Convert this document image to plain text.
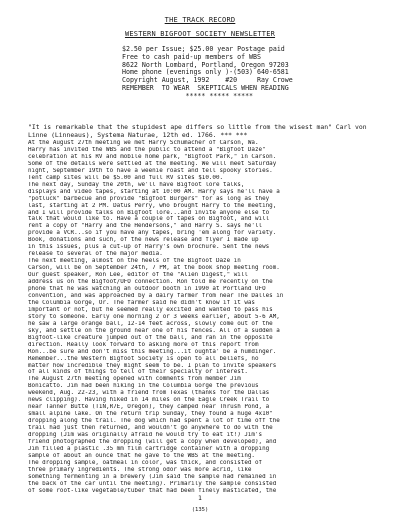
THE TRACK RECORD
WESTERN BIGFOOT SOCIETY NEWSLETTER
$2.50 per Issue; $25.00 year Postage paid
Free to cash paid-up members of WBS
8622 North Lombard, Portland, Oregon 97203
Home phone (evenings only )-(503) 640-6581
Copyright August, 1992    #20     Ray Crowe
REMEMBER  TO WEAR  SKEPTICALS WHEN READING
***** ***** *****
"It is remarkable that the stupidest ape differs so little from the wisest man" Carl von Linne (Linneaus), Systema Naturae, 12th ed. 1766. *** ***
At the August 27th meeting we met Harry Schumacher of Carson, Wa.
Harry has invited the WBS and the public to attend a "Bigfoot Daze"
celebration at his RV and mobile home park, "Bigfoot Park," in Carson.
Some of the details were settled at the meeting. We will meet Saturday
night, September 19th to have a weenie roast and tell spooky stories.
Tent camp sites will be $5.00 and full RV sites $10.00.
The next day, Sunday the 20th, we'll have Bigfoot lore talks,
displays and video tapes, starting at 10:00 AM. Harry says he'll have a
"potluck" barbecue and provide "Bigfoot Burgers" for as long as they
last, starting at 2 PM. Datus Perry, who brought Harry to the meeting,
and I will provide talks on Bigfoot lore...and invite anyone else to
talk that would like to. Have a couple of tapes on Bigfoot, and will
rent a copy of "Harry and the Hendersons," and Harry S. says he'll
provide a VCR...so if you have any tapes, bring 'em along for variety.
Book, donations and such, of the news release and flyer I made up
in this issues, plus a cut-up of Harry's own brochure. Sent the news
release to several of the major media.
The next meeting, almost on the heels of the Bigfoot Daze in
Carson, will be on September 24th, 7 PM, at the book shop meeting room.
Our guest speaker, Ron Lee, editor of the "Alien Digest," will
address us on the Bigfoot/UFO connection. Ron told me recently on the
phone that he was watching an outdoor booth in 1990 at Portland UFO
convention, and was approached by a dairy farmer from near The Dalles in
the Columbia Gorge, Or. The farmer said he didn't know if it was
important or not, but he seemed really excited and wanted to pass his
story to someone. Early one morning 2 or 3 weeks earlier, about 5-6 AM,
he saw a large orange ball, 12-14 feet across, slowly come out of the
sky, and settle on the ground near one of his fences. All of a sudden a
Bigfoot-like creature jumped out of the ball, and ran in the opposite
direction. Really look forward to asking more of this report from
Ron...be sure and don't miss this meeting...it oughta' be a humdinger.
Remember...the Western Bigfoot Society is open to all beliefs, no
matter how incredible they might seem to be. I plan to invite speakers
of all kinds of things to tell of their specialty or interest.
The August 27th meeting opened with comments from member Jim
Bonicatto. Jim had been hiking in the Columbia Gorge the previous
weekend, Aug. 22-23, with a friend from Texas (thanks for the Dallas
news clipping). Having hiked in 14 miles on the Eagle Creek Trail to
near Tanner Butte (T1N,R7E, Oregon), they camped near Thrush Pond, a
small alpine lake. On the return trip Sunday, they found a huge 4x10"
dropping along the trail. The dog which had spent a lot of time off the
trail had just then returned, and wouldn't go anywhere to do with the
dropping (Jim was originally afraid he would try to eat it!) Jim's
friend photographed the dropping (will get a copy when developed), and
Jim filled a plastic .35 mm film cartridge container with a dropping
sample of about an ounce that he gave to the WBS at the meeting.
The dropping sample, oatmeal in color, was thick, and consisted of
three primary ingredients. The strong odor was more acrid, like
something fermenting in a brewery (Jim said the sample had remained in
the back of the car until the meeting). Primarily the sample consisted
of some root-like vegetable/tuber that had been finely masticated, the
1
(135)
